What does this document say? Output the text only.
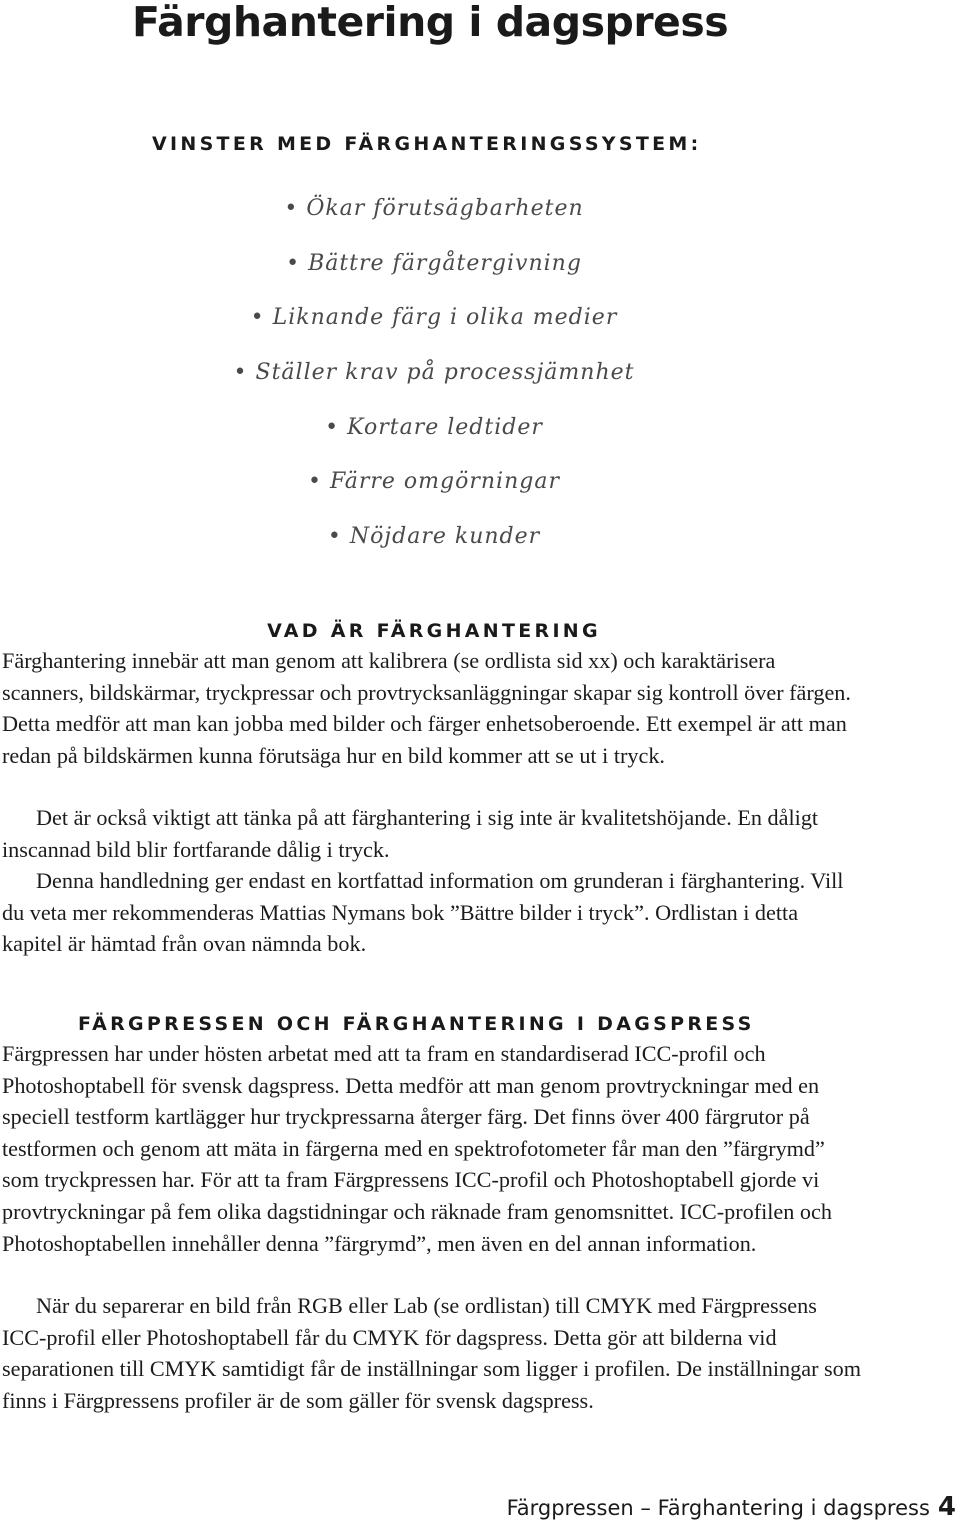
Färghantering i dagspress
VINSTER MED FÄRGHANTERINGSSYSTEM:
• Ökar förutsägbarheten
• Bättre färgåtergivning
• Liknande färg i olika medier
• Ställer krav på processjämnhet
• Kortare ledtider
• Färre omgörningar
• Nöjdare kunder
VAD ÄR FÄRGHANTERING

Färghantering innebär att man genom att kalibrera (se ordlista sid xx) och karaktärisera scanners, bildskärmar, tryckpressar och provtrycksanläggningar skapar sig kontroll över färgen. Detta medför att man kan jobba med bilder och färger enhetsoberoende. Ett exempel är att man redan på bildskärmen kunna förutsäga hur en bild kommer att se ut i tryck.

Det är också viktigt att tänka på att färghantering i sig inte är kvalitetshöjande. En dåligt inscannad bild blir fortfarande dålig i tryck.

Denna handledning ger endast en kortfattad information om grunderan i färghantering. Vill du veta mer rekommenderas Mattias Nymans bok ”Bättre bilder i tryck”. Ordlistan i detta kapitel är hämtad från ovan nämnda bok.

FÄRGPRESSEN OCH FÄRGHANTERING I DAGSPRESS

Färgpressen har under hösten arbetat med att ta fram en standardiserad ICC-profil och Photoshoptabell för svensk dagspress. Detta medför att man genom provtryckningar med en speciell testform kartlägger hur tryckpressarna återger färg. Det finns över 400 färgrutor på testformen och genom att mäta in färgerna med en spektrofotometer får man den ”färgrymd” som tryckpressen har. För att ta fram Färgpressens ICC-profil och Photoshoptabell gjorde vi provtryckningar på fem olika dagstidningar och räknade fram genomsnittet. ICC-profilen och Photoshoptabellen innehåller denna ”färgrymd”, men även en del annan information.

När du separerar en bild från RGB eller Lab (se ordlistan) till CMYK med Färgpressens ICC-profil eller Photoshoptabell får du CMYK för dagspress. Detta gör att bilderna vid separationen till CMYK samtidigt får de inställningar som ligger i profilen. De inställningar som finns i Färgpressens profiler är de som gäller för svensk dagspress.

Färgpressen – Färghantering i dagspress 4
